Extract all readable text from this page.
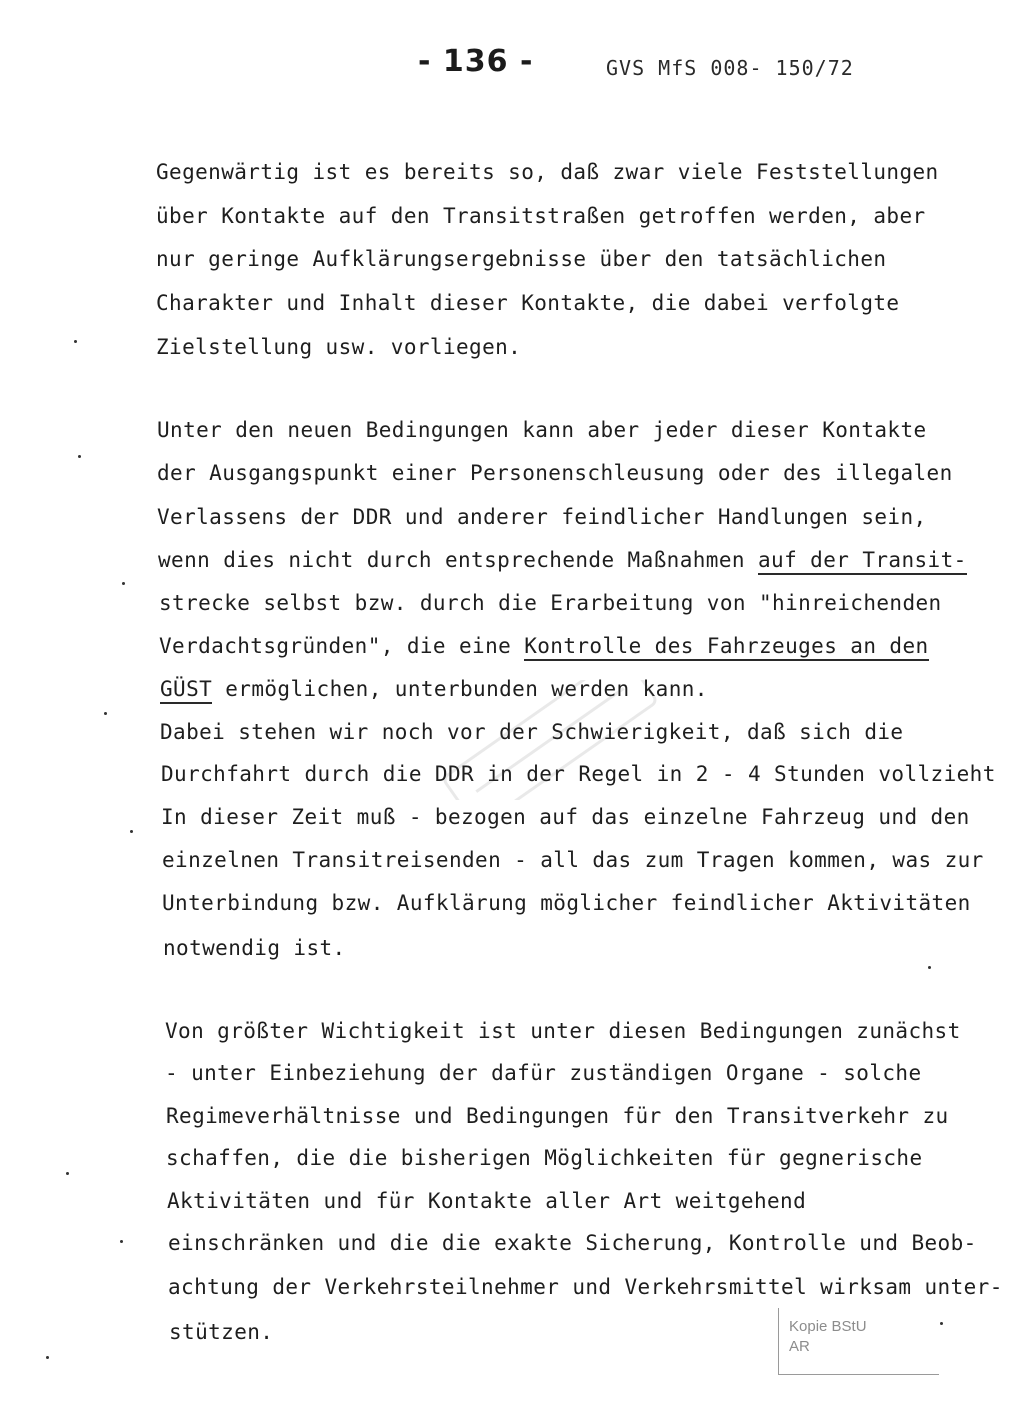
- 136 -	GVS MfS 008- 150/72
Gegenwärtig ist es bereits so, daß zwar viele Feststellungen
über Kontakte auf den Transitstraßen getroffen werden, aber
nur geringe Aufklärungsergebnisse über den tatsächlichen
Charakter und Inhalt dieser Kontakte, die dabei verfolgte
Zielstellung usw. vorliegen.
Unter den neuen Bedingungen kann aber jeder dieser Kontakte
der Ausgangspunkt einer Personenschleusung oder des illegalen
Verlassens der DDR und anderer feindlicher Handlungen sein,
wenn dies nicht durch entsprechende Maßnahmen auf der Transit-
strecke selbst bzw. durch die Erarbeitung von "hinreichenden
Verdachtsgründen", die eine Kontrolle des Fahrzeuges an den
GÜST ermöglichen, unterbunden werden kann.
Dabei stehen wir noch vor der Schwierigkeit, daß sich die
Durchfahrt durch die DDR in der Regel in 2 - 4 Stunden vollzieht
In dieser Zeit muß - bezogen auf das einzelne Fahrzeug und den
einzelnen Transitreisenden - all das zum Tragen kommen, was zur
Unterbindung bzw. Aufklärung möglicher feindlicher Aktivitäten
notwendig ist.
Von größter Wichtigkeit ist unter diesen Bedingungen zunächst
- unter Einbeziehung der dafür zuständigen Organe - solche
Regimeverhältnisse und Bedingungen für den Transitverkehr zu
schaffen, die die bisherigen Möglichkeiten für gegnerische
Aktivitäten und für Kontakte aller Art weitgehend
einschränken und die die exakte Sicherung, Kontrolle und Beob-
achtung der Verkehrsteilnehmer und Verkehrsmittel wirksam unter-
stützen.	Kopie BStU
AR
